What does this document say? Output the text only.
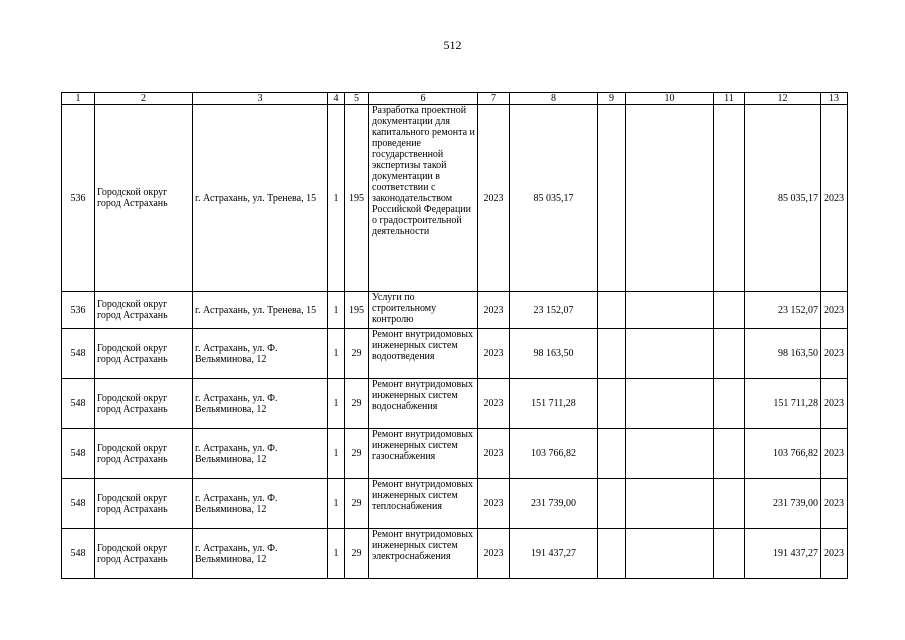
512
1	2	3	4	5	6	7	8	9	10	11	12	13
536	Городской округ город Астрахань	г. Астрахань, ул. Тренева, 15	1	195	Разработка проектной документации для капитального ремонта и проведение государственной экспертизы такой документации в соответствии с законодательством Российской Федерации о градостроительной деятельности	2023	85 035,17				85 035,17	2023
536	Городской округ город Астрахань	г. Астрахань, ул. Тренева, 15	1	195	Услуги по строительному контролю	2023	23 152,07				23 152,07	2023
548	Городской округ город Астрахань	г. Астрахань, ул. Ф. Вельяминова, 12	1	29	Ремонт внутридомовых инженерных систем водоотведения	2023	98 163,50				98 163,50	2023
548	Городской округ город Астрахань	г. Астрахань, ул. Ф. Вельяминова, 12	1	29	Ремонт внутридомовых инженерных систем водоснабжения	2023	151 711,28				151 711,28	2023
548	Городской округ город Астрахань	г. Астрахань, ул. Ф. Вельяминова, 12	1	29	Ремонт внутридомовых инженерных систем газоснабжения	2023	103 766,82				103 766,82	2023
548	Городской округ город Астрахань	г. Астрахань, ул. Ф. Вельяминова, 12	1	29	Ремонт внутридомовых инженерных систем теплоснабжения	2023	231 739,00				231 739,00	2023
548	Городской округ город Астрахань	г. Астрахань, ул. Ф. Вельяминова, 12	1	29	Ремонт внутридомовых инженерных систем электроснабжения	2023	191 437,27				191 437,27	2023
